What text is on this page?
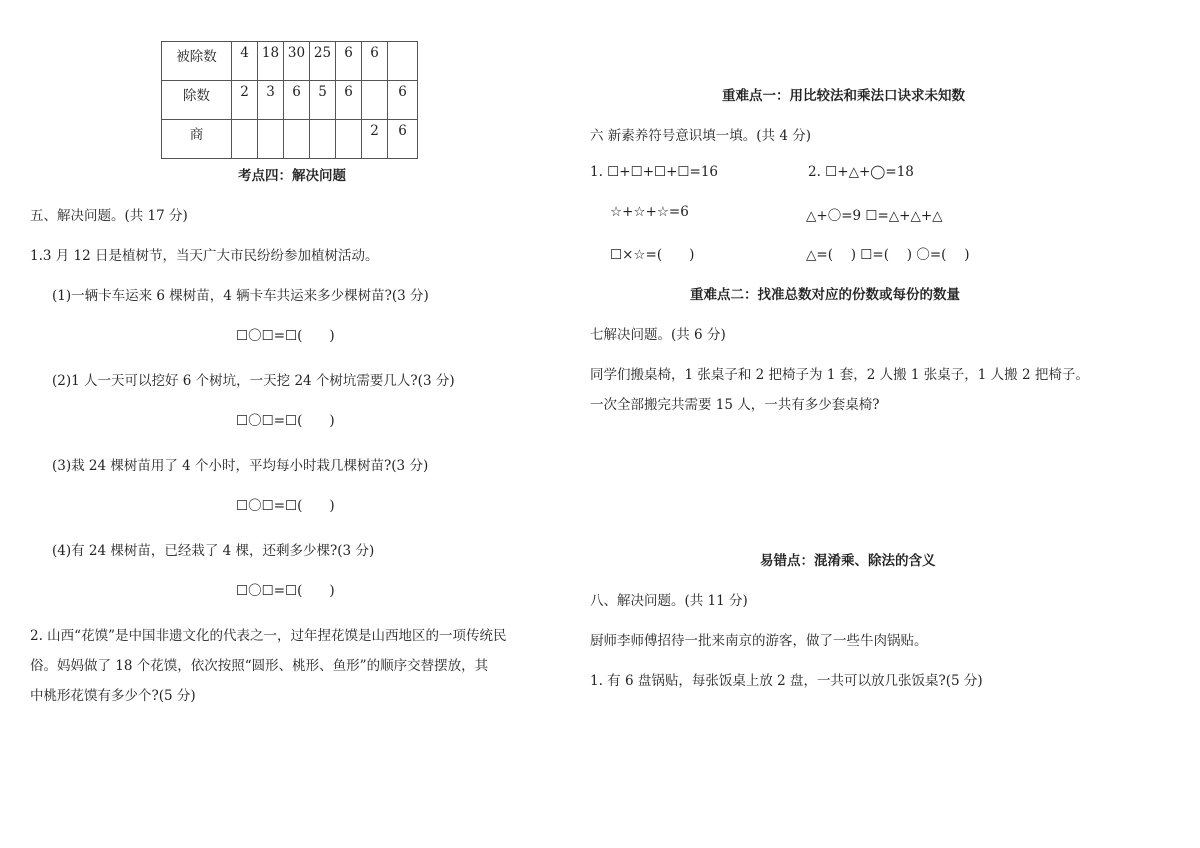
被除数	4	18	30	25	6	6	
除数	2	3	6	5	6		6
商						2	6
考点四：解决问题
五、解决问题。(共 17 分)
1.3 月 12 日是植树节，当天广大市民纷纷参加植树活动。
(1)一辆卡车运来 6 棵树苗，4 辆卡车共运来多少棵树苗?(3 分)
☐〇☐=☐(　　)
(2)1 人一天可以挖好 6 个树坑，一天挖 24 个树坑需要几人?(3 分)
☐〇☐=☐(　　)
(3)栽 24 棵树苗用了 4 个小时，平均每小时栽几棵树苗?(3 分)
☐〇☐=☐(　　)
(4)有 24 棵树苗，已经栽了 4 棵，还剩多少棵?(3 分)
☐〇☐=☐(　　)
2. 山西“花馍”是中国非遗文化的代表之一，过年捏花馍是山西地区的一项传统民
俗。妈妈做了 18 个花馍，依次按照“圆形、桃形、鱼形”的顺序交替摆放，其
中桃形花馍有多少个?(5 分)
重难点一：用比较法和乘法口诀求未知数
六 新素养符号意识填一填。(共 4 分)
1. ☐+☐+☐+☐=16
☆+☆+☆=6
☐×☆=(　　)
2. ☐+△+◯=18
△+〇=9 ☐=△+△+△
△=(　 ) ☐=(　 ) 〇=(　 )
重难点二：找准总数对应的份数或每份的数量
七解决问题。(共 6 分)
同学们搬桌椅，1 张桌子和 2 把椅子为 1 套，2 人搬 1 张桌子，1 人搬 2 把椅子。
一次全部搬完共需要 15 人，一共有多少套桌椅?
易错点：混淆乘、除法的含义
八、解决问题。(共 11 分)
厨师李师傅招待一批来南京的游客，做了一些牛肉锅贴。
1. 有 6 盘锅贴，每张饭桌上放 2 盘，一共可以放几张饭桌?(5 分)
